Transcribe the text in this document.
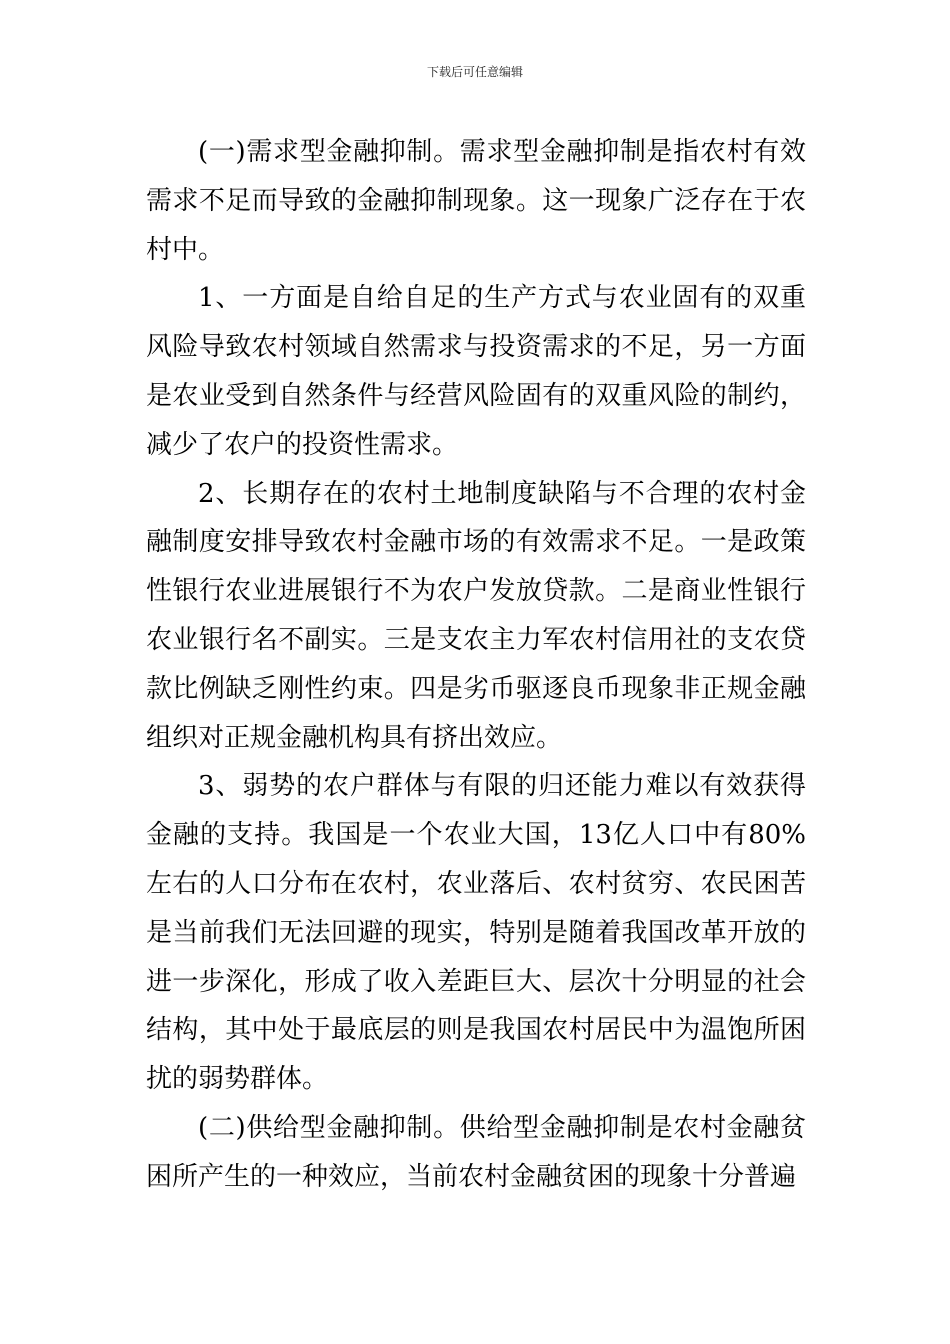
下载后可任意编辑

(一)需求型金融抑制。需求型金融抑制是指农村有效需求不足而导致的金融抑制现象。这一现象广泛存在于农村中。

1、一方面是自给自足的生产方式与农业固有的双重风险导致农村领域自然需求与投资需求的不足，另一方面是农业受到自然条件与经营风险固有的双重风险的制约，减少了农户的投资性需求。

2、长期存在的农村土地制度缺陷与不合理的农村金融制度安排导致农村金融市场的有效需求不足。一是政策性银行农业进展银行不为农户发放贷款。二是商业性银行农业银行名不副实。三是支农主力军农村信用社的支农贷款比例缺乏刚性约束。四是劣币驱逐良币现象非正规金融组织对正规金融机构具有挤出效应。

3、弱势的农户群体与有限的归还能力难以有效获得金融的支持。我国是一个农业大国，13亿人口中有80%左右的人口分布在农村，农业落后、农村贫穷、农民困苦是当前我们无法回避的现实，特别是随着我国改革开放的进一步深化，形成了收入差距巨大、层次十分明显的社会结构，其中处于最底层的则是我国农村居民中为温饱所困扰的弱势群体。

(二)供给型金融抑制。供给型金融抑制是农村金融贫困所产生的一种效应，当前农村金融贫困的现象十分普遍
